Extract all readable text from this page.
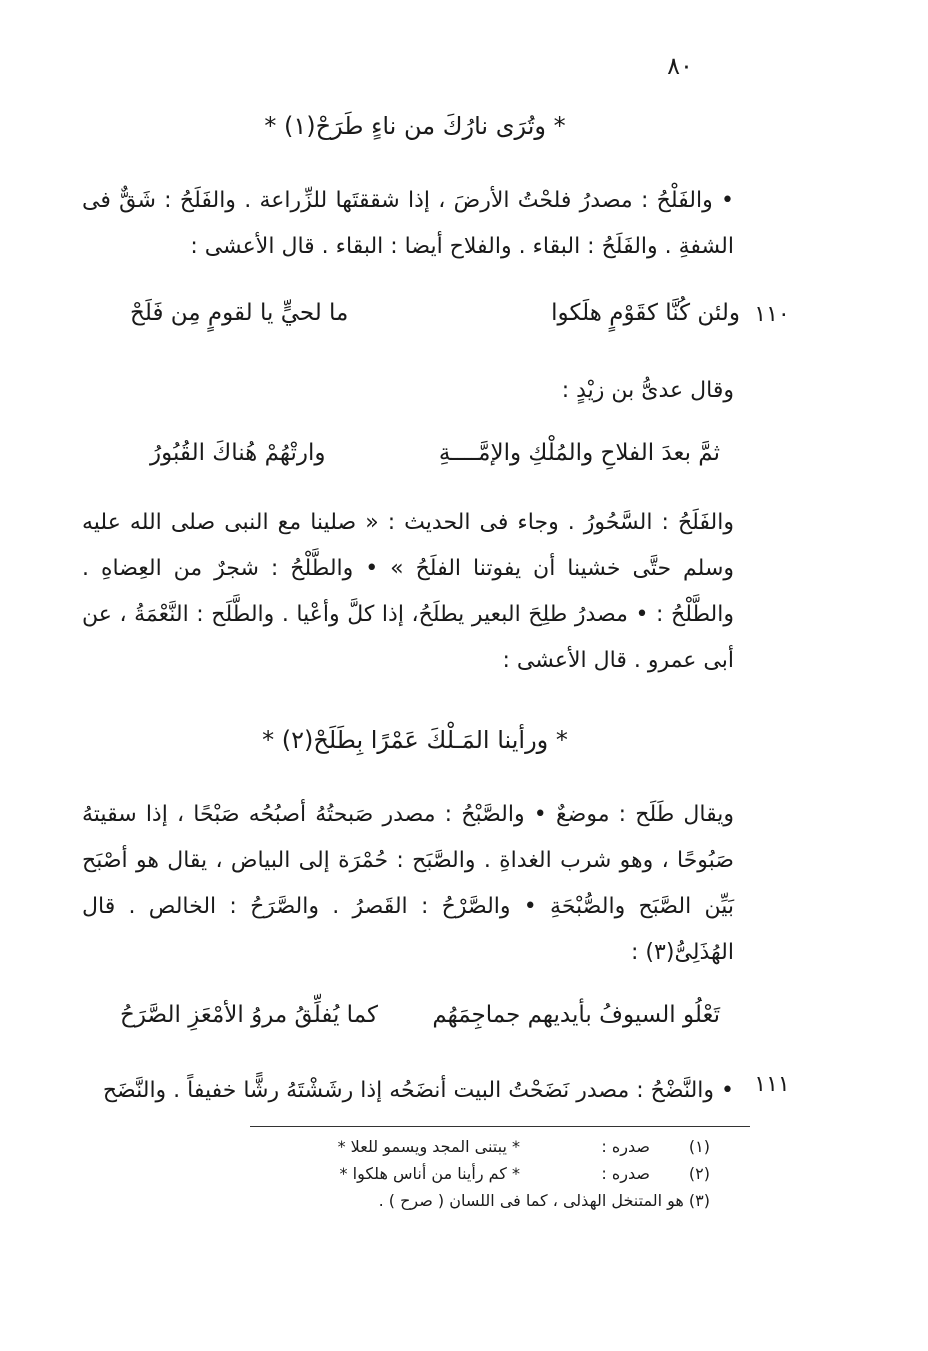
٨٠
* وتُرَى نارُكَ من ناءٍ طَرَحْ(١) *
• والفَلْحُ : مصدرُ فلحْتُ الأرضَ ، إذا شققتَها للزِّراعة . والفَلَحُ : شَقٌّ فى الشفةِ . والفَلَحُ : البقاء . والفلاح أيضا : البقاء . قال الأعشى :
١١٠
ولئن كُنَّا كقَوْمٍ هلَكوا
ما لحيٍّ يا لقومٍ مِن فَلَحْ
وقال عدىُّ بن زيْدٍ :
ثمَّ بعدَ الفلاحِ والمُلْكِ والإمَّــــةِ
وارتْهُمْ هُناكَ القُبُورُ
والفَلَحُ : السَّحُورُ . وجاء فى الحديث : « صلينا مع النبى صلى الله عليه وسلم حتَّى خشينا أن يفوتنا الفلَحُ » • والطَّلْحُ : شجرٌ من العِضاهِ . والطَّلْحُ : • مصدرُ طلِحَ البعير يطلَحُ، إذا كلَّ وأعْيا . والطَّلَح : النَّعْمَةُ ، عن أبى عمرو . قال الأعشى :
* ورأينا المَـلْكَ عَمْرًا بِطَلَحْ(٢) *
ويقال طَلَح : موضعٌ • والصَّبْحُ : مصدر صَبحتُهُ أصبُحُه صَبْحًا ، إذا سقيتهُ صَبُوحًا ، وهو شرب الغداةِ . والصَّبَح : حُمْرَة إلى البياض ، يقال هو أصْبَح بَيِّن الصَّبَح والصُّبْحَةِ • والصَّرْحُ : القَصرُ . والصَّرَحُ : الخالص . قال الهُذَلِىُّ(٣) :
تَعْلُو السيوفُ بأيديهم جماجِمَهُم
كما يُفلِّقُ مروُ الأمْعَزِ الصَّرَحُ
١١١
• والنَّضْحُ : مصدر نَضَحْتُ البيت أنضَحُه إذا رشَشْتَهُ رشًّا خفيفاً . والنَّضَح
(١)
صدره :
* يبتنى المجد ويسمو للعلا *
(٢)
صدره :
* كم رأينا من أناس هلكوا *
(٣) هو المتنخل الهذلى ، كما فى اللسان ( صرح ) .
